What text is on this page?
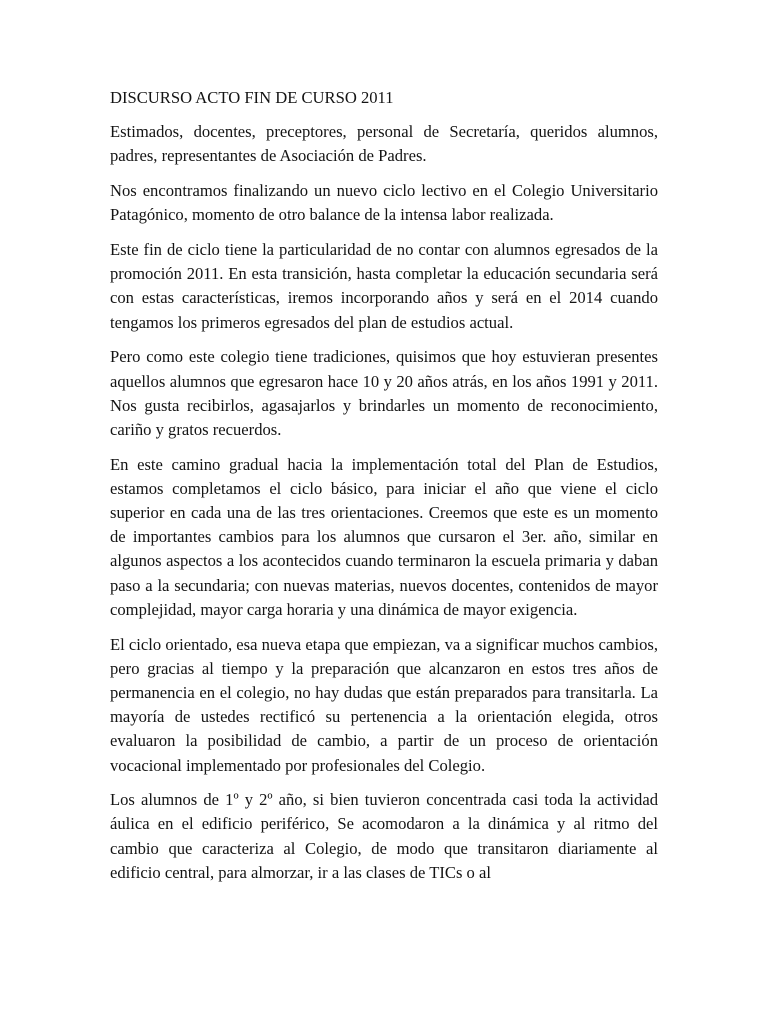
DISCURSO ACTO FIN DE CURSO 2011

Estimados, docentes, preceptores, personal de Secretaría, queridos alumnos, padres, representantes de Asociación de Padres.

Nos encontramos finalizando un nuevo ciclo lectivo en el Colegio Universitario Patagónico, momento de otro balance de la intensa labor realizada.

Este fin de ciclo tiene la particularidad de no contar con alumnos egresados de la promoción 2011. En esta transición, hasta completar la educación secundaria será con estas características, iremos incorporando años y será en el 2014 cuando tengamos los primeros egresados del plan de estudios actual.

Pero como este colegio tiene tradiciones, quisimos que hoy estuvieran presentes aquellos alumnos que egresaron hace 10 y 20 años atrás, en los años 1991 y 2011. Nos gusta recibirlos, agasajarlos y brindarles un momento de reconocimiento, cariño y gratos recuerdos.

En este camino gradual hacia la implementación total del Plan de Estudios, estamos completamos el ciclo básico, para iniciar el año que viene el ciclo superior en cada una de las tres orientaciones. Creemos que este es un momento de importantes cambios para los alumnos que cursaron el 3er. año, similar en algunos aspectos a los acontecidos cuando terminaron la escuela primaria y daban paso a la secundaria; con nuevas materias, nuevos docentes, contenidos de mayor complejidad, mayor carga horaria y una dinámica de mayor exigencia.

El ciclo orientado, esa nueva etapa que empiezan, va a significar muchos cambios, pero gracias al tiempo y la preparación que alcanzaron en estos tres años de permanencia en el colegio, no hay dudas que están preparados para transitarla. La mayoría de ustedes rectificó su pertenencia a la orientación elegida, otros evaluaron la posibilidad de cambio, a partir de un proceso de orientación vocacional implementado por profesionales del Colegio.

Los alumnos de 1º y 2º año, si bien tuvieron concentrada casi toda la actividad áulica en el edificio periférico, Se acomodaron a la dinámica y al ritmo del cambio que caracteriza al Colegio, de modo que transitaron diariamente al edificio central, para almorzar, ir a las clases de TICs o al
